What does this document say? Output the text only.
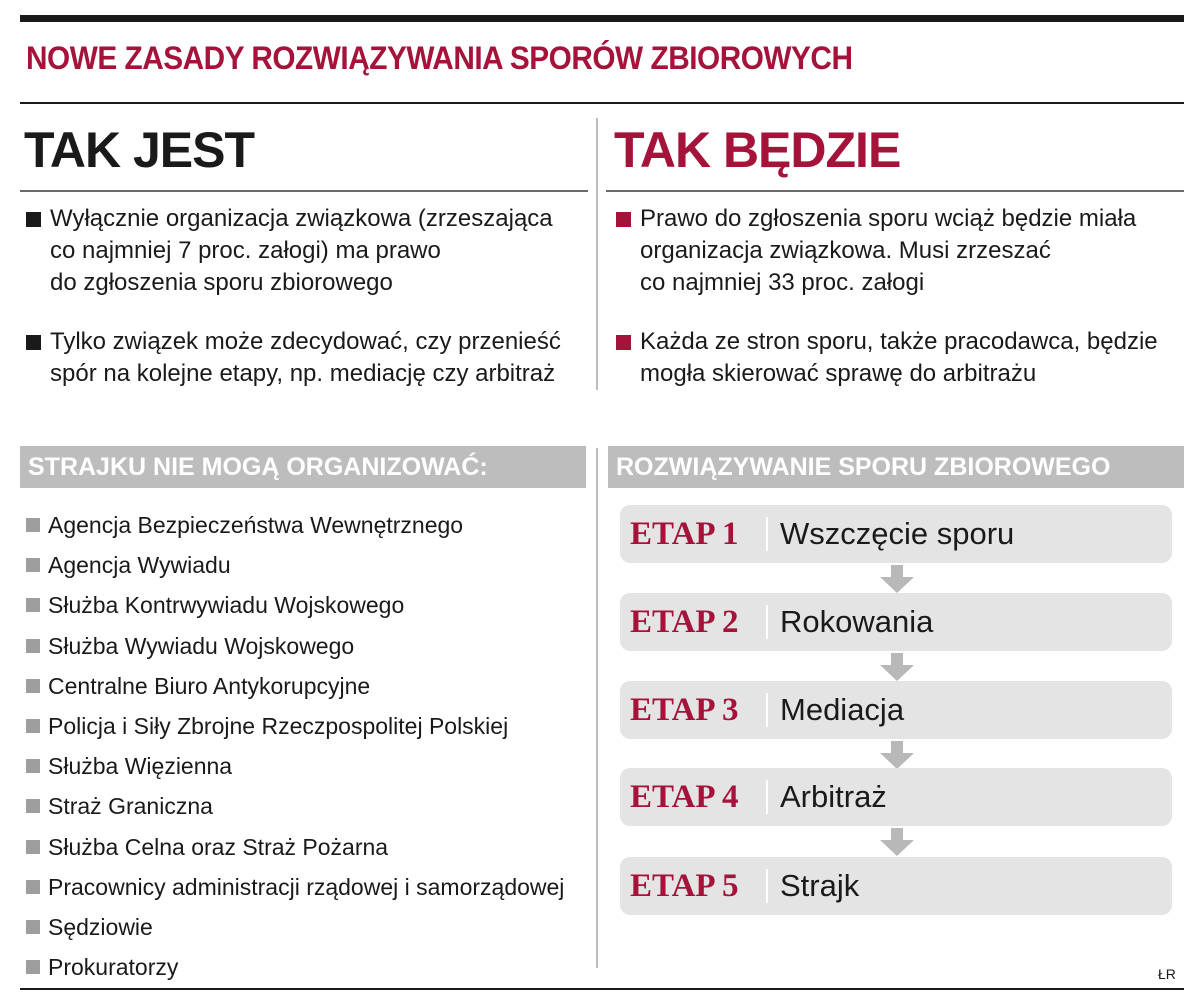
NOWE ZASADY ROZWIĄZYWANIA SPORÓW ZBIOROWYCH
TAK JEST
Wyłącznie organizacja związkowa (zrzeszająca
co najmniej 7 proc. załogi) ma prawo
do zgłoszenia sporu zbiorowego
Tylko związek może zdecydować, czy przenieść
spór na kolejne etapy, np. mediację czy arbitraż
TAK BĘDZIE
Prawo do zgłoszenia sporu wciąż będzie miała
organizacja związkowa. Musi zrzeszać
co najmniej 33 proc. załogi
Każda ze stron sporu, także pracodawca, będzie
mogła skierować sprawę do arbitrażu
STRAJKU NIE MOGĄ ORGANIZOWAĆ:
Agencja Bezpieczeństwa Wewnętrznego
Agencja Wywiadu
Służba Kontrwywiadu Wojskowego
Służba Wywiadu Wojskowego
Centralne Biuro Antykorupcyjne
Policja i Siły Zbrojne Rzeczpospolitej Polskiej
Służba Więzienna
Straż Graniczna
Służba Celna oraz Straż Pożarna
Pracownicy administracji rządowej i samorządowej
Sędziowie
Prokuratorzy
ROZWIĄZYWANIE SPORU ZBIOROWEGO
ETAP 1	Wszczęcie sporu
ETAP 2	Rokowania
ETAP 3	Mediacja
ETAP 4	Arbitraż
ETAP 5	Strajk
ŁR
